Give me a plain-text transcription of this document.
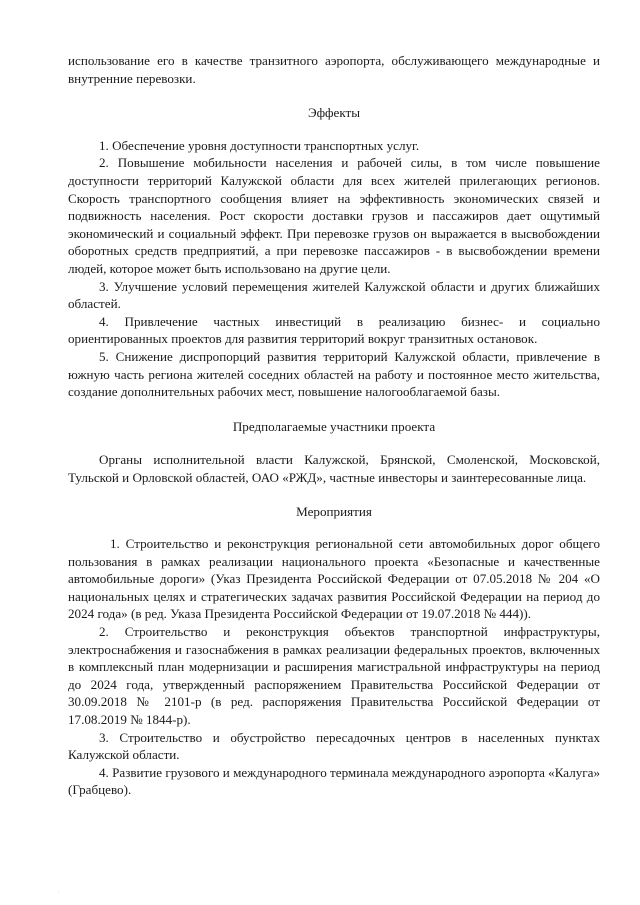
использование его в качестве транзитного аэропорта, обслуживающего международные и внутренние перевозки.

Эффекты

1. Обеспечение уровня доступности транспортных услуг.

2. Повышение мобильности населения и рабочей силы, в том числе повышение доступности территорий Калужской области для всех жителей прилегающих регионов. Скорость транспортного сообщения влияет на эффективность экономических связей и подвижность населения. Рост скорости доставки грузов и пассажиров дает ощутимый экономический и социальный эффект. При перевозке грузов он выражается в высвобождении оборотных средств предприятий, а при перевозке пассажиров - в высвобождении времени людей, которое может быть использовано на другие цели.

3. Улучшение условий перемещения жителей Калужской области и других ближайших областей.

4. Привлечение частных инвестиций в реализацию бизнес- и социально ориентированных проектов для развития территорий вокруг транзитных остановок.

5. Снижение диспропорций развития территорий Калужской области, привлечение в южную часть региона жителей соседних областей на работу и постоянное место жительства, создание дополнительных рабочих мест, повышение налогооблагаемой базы.

Предполагаемые участники проекта

Органы исполнительной власти Калужской, Брянской, Смоленской, Московской, Тульской и Орловской областей, ОАО «РЖД», частные инвесторы и заинтересованные лица.

Мероприятия

1. Строительство и реконструкция региональной сети автомобильных дорог общего пользования в рамках реализации национального проекта «Безопасные и качественные автомобильные дороги» (Указ Президента Российской Федерации от 07.05.2018 № 204 «О национальных целях и стратегических задачах развития Российской Федерации на период до 2024 года» (в ред. Указа Президента Российской Федерации от 19.07.2018 № 444)).

2. Строительство и реконструкция объектов транспортной инфраструктуры, электроснабжения и газоснабжения в рамках реализации федеральных проектов, включенных в комплексный план модернизации и расширения магистральной инфраструктуры на период до 2024 года, утвержденный распоряжением Правительства Российской Федерации от 30.09.2018 № 2101-р (в ред. распоряжения Правительства Российской Федерации от 17.08.2019 № 1844-р).

3. Строительство и обустройство пересадочных центров в населенных пунктах Калужской области.

4. Развитие грузового и международного терминала международного аэропорта «Калуга» (Грабцево).

.
